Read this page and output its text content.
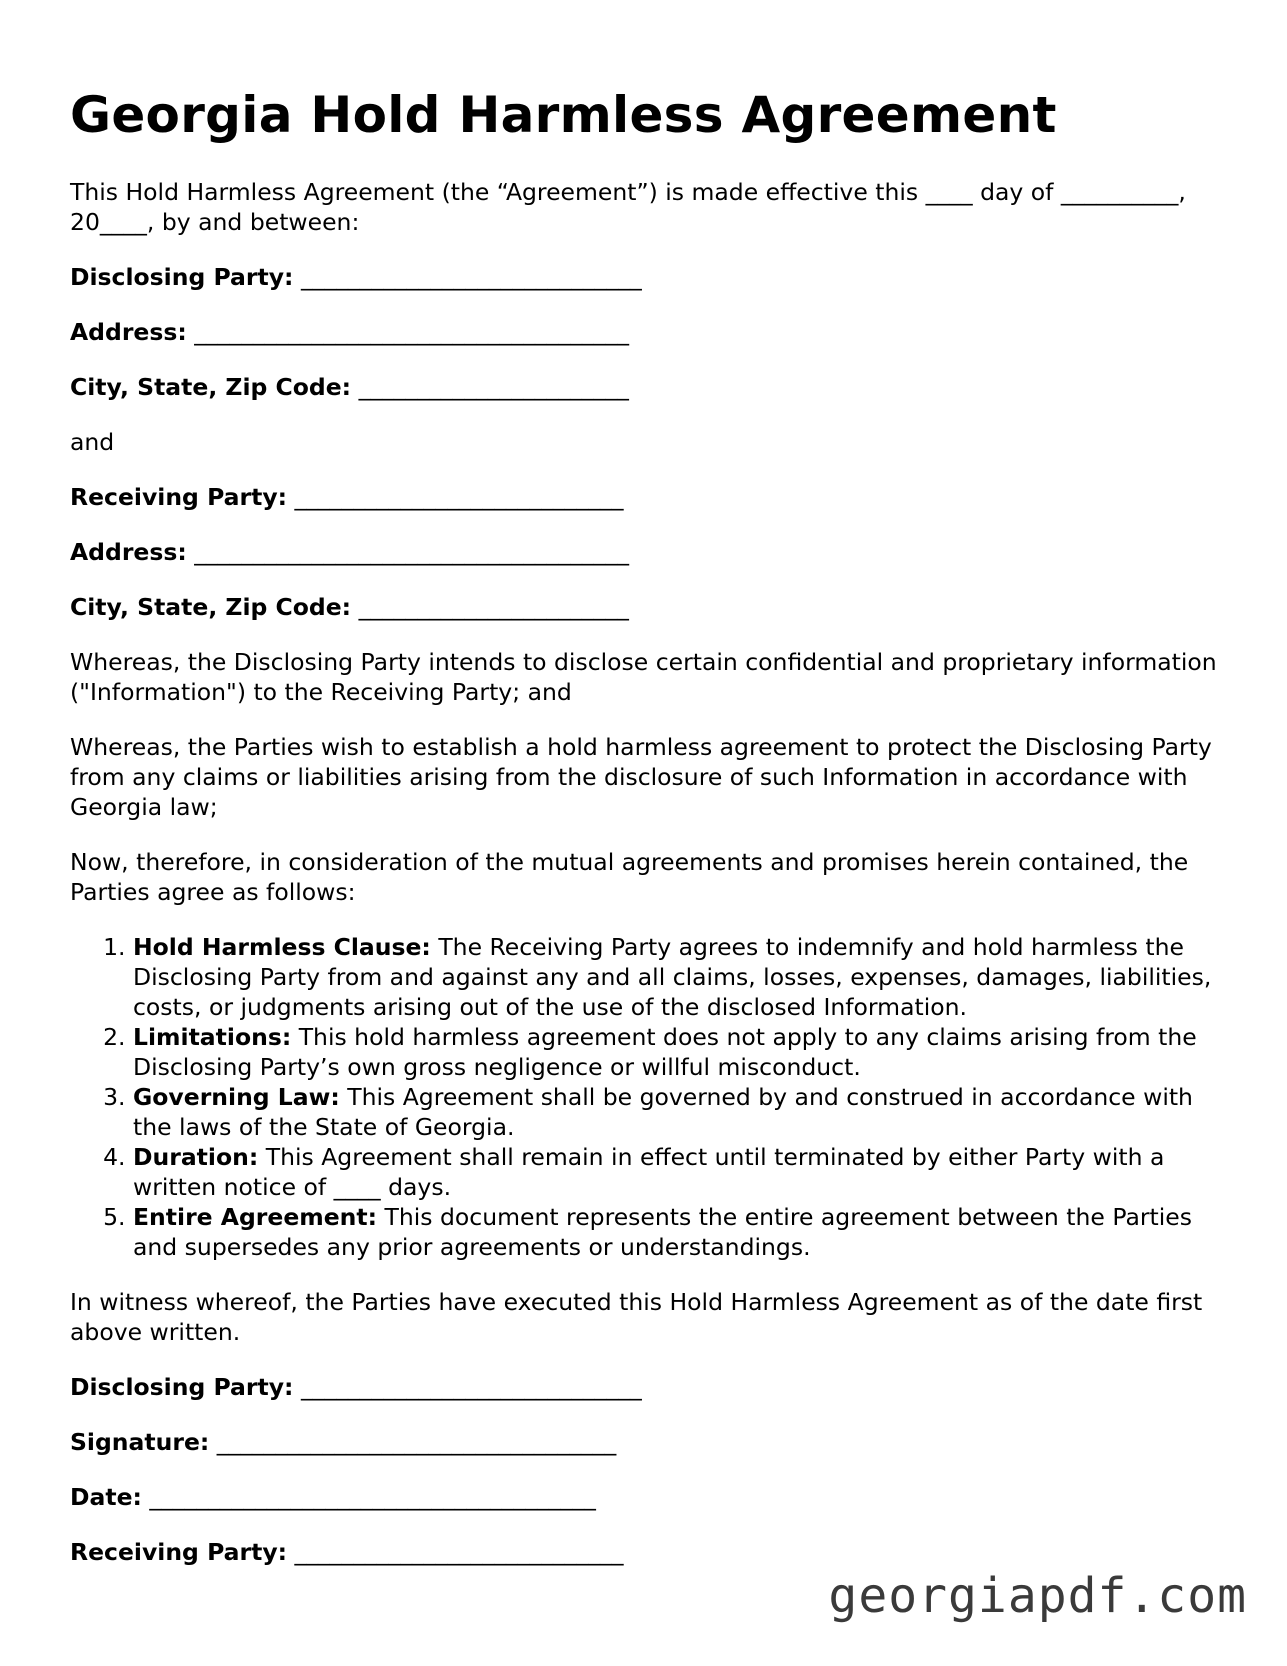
Georgia Hold Harmless Agreement

This Hold Harmless Agreement (the “Agreement”) is made effective this ____ day of __________, 20____, by and between:

Disclosing Party: _____________________________
Address: _____________________________________
City, State, Zip Code: _______________________

and

Receiving Party: ____________________________
Address: _____________________________________
City, State, Zip Code: _______________________

Whereas, the Disclosing Party intends to disclose certain confidential and proprietary information ("Information") to the Receiving Party; and

Whereas, the Parties wish to establish a hold harmless agreement to protect the Disclosing Party from any claims or liabilities arising from the disclosure of such Information in accordance with Georgia law;

Now, therefore, in consideration of the mutual agreements and promises herein contained, the Parties agree as follows:

1. Hold Harmless Clause: The Receiving Party agrees to indemnify and hold harmless the Disclosing Party from and against any and all claims, losses, expenses, damages, liabilities, costs, or judgments arising out of the use of the disclosed Information.
2. Limitations: This hold harmless agreement does not apply to any claims arising from the Disclosing Party’s own gross negligence or willful misconduct.
3. Governing Law: This Agreement shall be governed by and construed in accordance with the laws of the State of Georgia.
4. Duration: This Agreement shall remain in effect until terminated by either Party with a written notice of ____ days.
5. Entire Agreement: This document represents the entire agreement between the Parties and supersedes any prior agreements or understandings.

In witness whereof, the Parties have executed this Hold Harmless Agreement as of the date first above written.

Disclosing Party: _____________________________
Signature: __________________________________
Date: ______________________________________
Receiving Party: ____________________________
georgiapdf.com
